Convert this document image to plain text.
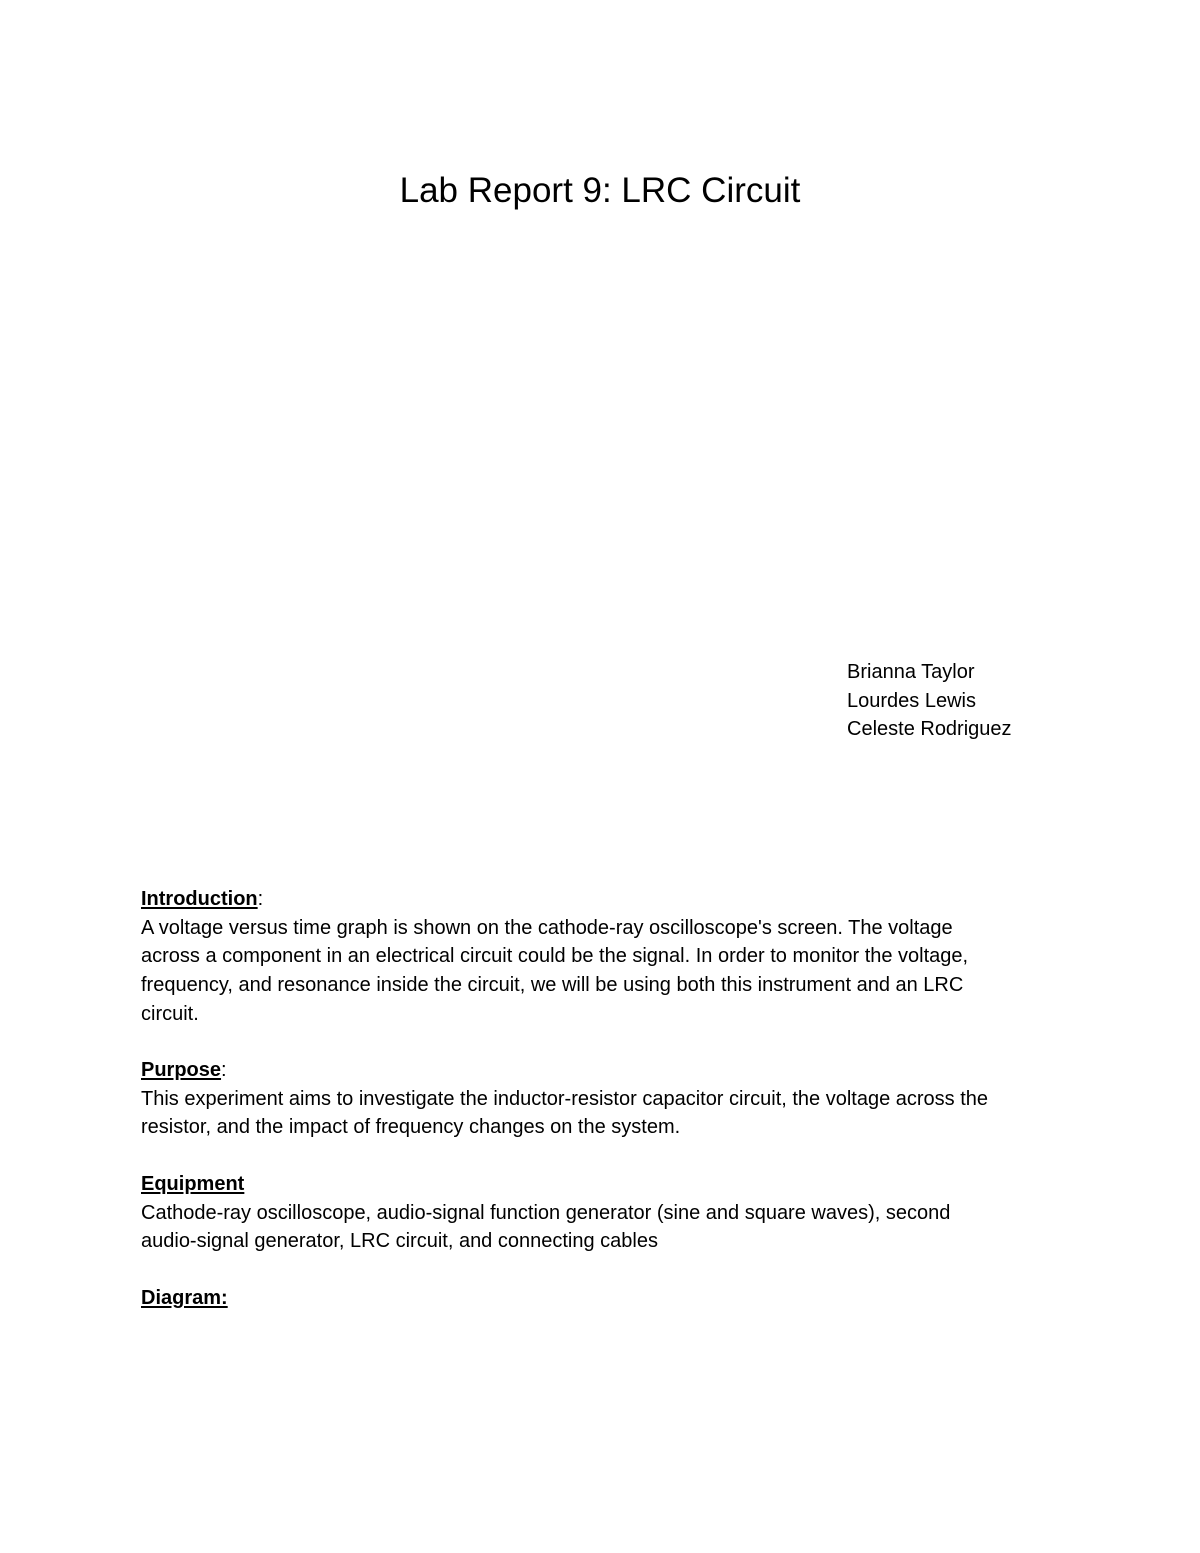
Lab Report 9: LRC Circuit
Brianna Taylor
Lourdes Lewis
Celeste Rodriguez
Introduction:
A voltage versus time graph is shown on the cathode-ray oscilloscope's screen. The voltage
across a component in an electrical circuit could be the signal. In order to monitor the voltage,
frequency, and resonance inside the circuit, we will be using both this instrument and an LRC
circuit.
Purpose:
This experiment aims to investigate the inductor-resistor capacitor circuit, the voltage across the
resistor, and the impact of frequency changes on the system.
Equipment
Cathode-ray oscilloscope, audio-signal function generator (sine and square waves), second
audio-signal generator, LRC circuit, and connecting cables
Diagram:
